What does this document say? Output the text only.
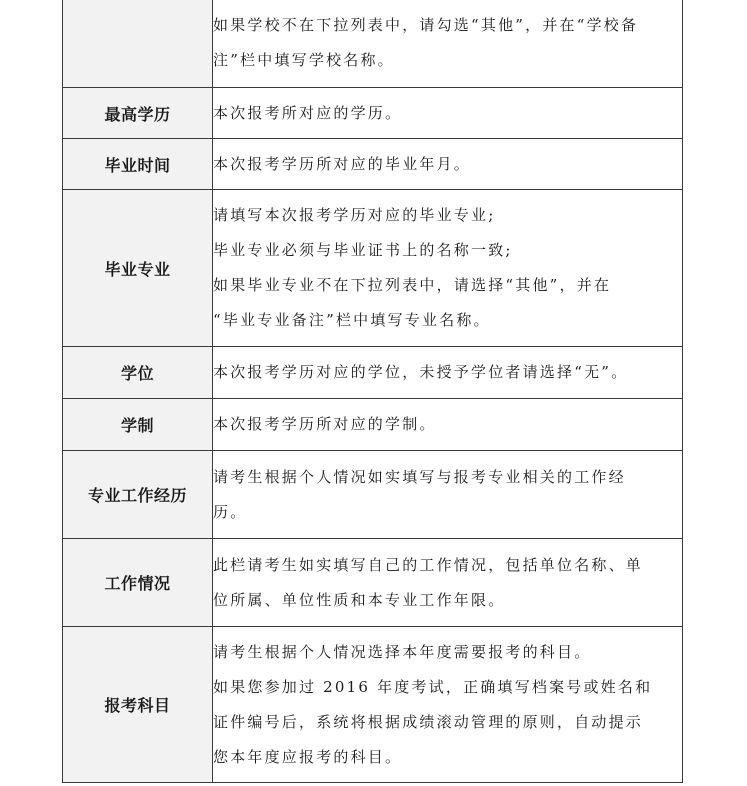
	如果学校不在下拉列表中，请勾选“其他”，并在“学校备
注”栏中填写学校名称。

最高学历	本次报考所对应的学历。

毕业时间	本次报考学历所对应的毕业年月。

毕业专业	请填写本次报考学历对应的毕业专业;
毕业专业必须与毕业证书上的名称一致;
如果毕业专业不在下拉列表中，请选择“其他”，并在
“毕业专业备注”栏中填写专业名称。

学位	本次报考学历对应的学位，未授予学位者请选择“无”。

学制	本次报考学历所对应的学制。

专业工作经历	请考生根据个人情况如实填写与报考专业相关的工作经
历。

工作情况	此栏请考生如实填写自己的工作情况，包括单位名称、单
位所属、单位性质和本专业工作年限。

报考科目	请考生根据个人情况选择本年度需要报考的科目。
如果您参加过 2016 年度考试，正确填写档案号或姓名和
证件编号后，系统将根据成绩滚动管理的原则，自动提示
您本年度应报考的科目。
